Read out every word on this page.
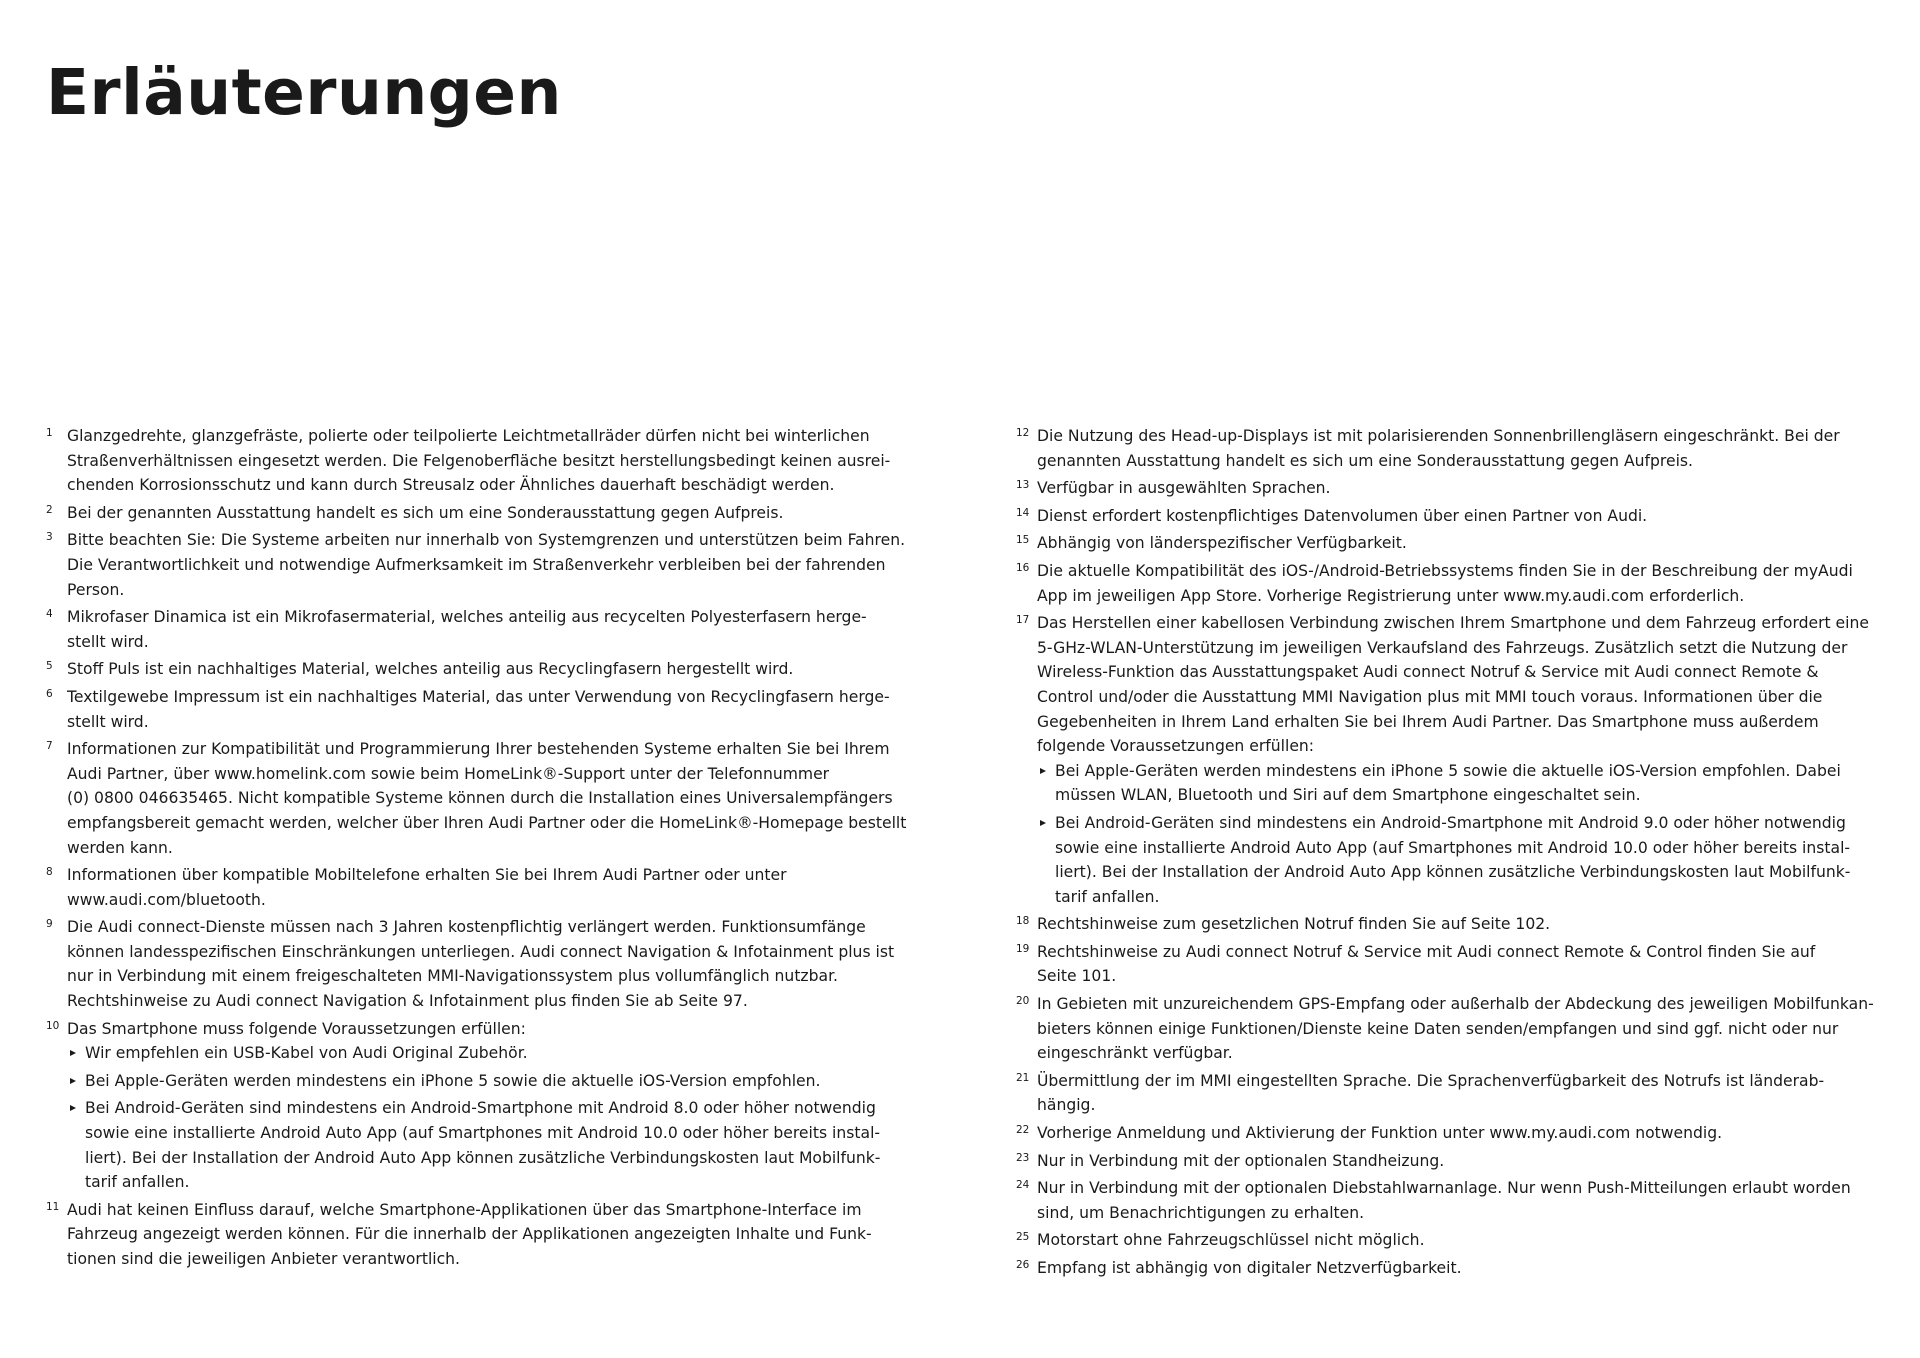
Erläuterungen
1 Glanzgedrehte, glanzgefräste, polierte oder teilpolierte Leichtmetallräder dürfen nicht bei winterlichen
Straßenverhältnissen eingesetzt werden. Die Felgenoberfläche besitzt herstellungsbedingt keinen ausrei-
chenden Korrosionsschutz und kann durch Streusalz oder Ähnliches dauerhaft beschädigt werden.
2 Bei der genannten Ausstattung handelt es sich um eine Sonderausstattung gegen Aufpreis.
3 Bitte beachten Sie: Die Systeme arbeiten nur innerhalb von Systemgrenzen und unterstützen beim Fahren.
Die Verantwortlichkeit und notwendige Aufmerksamkeit im Straßenverkehr verbleiben bei der fahrenden
Person.
4 Mikrofaser Dinamica ist ein Mikrofasermaterial, welches anteilig aus recycelten Polyesterfasern herge-
stellt wird.
5 Stoff Puls ist ein nachhaltiges Material, welches anteilig aus Recyclingfasern hergestellt wird.
6 Textilgewebe Impressum ist ein nachhaltiges Material, das unter Verwendung von Recyclingfasern herge-
stellt wird.
7 Informationen zur Kompatibilität und Programmierung Ihrer bestehenden Systeme erhalten Sie bei Ihrem
Audi Partner, über www.homelink.com sowie beim HomeLink®-Support unter der Telefonnummer
(0) 0800 046635465. Nicht kompatible Systeme können durch die Installation eines Universalempfängers
empfangsbereit gemacht werden, welcher über Ihren Audi Partner oder die HomeLink®-Homepage bestellt
werden kann.
8 Informationen über kompatible Mobiltelefone erhalten Sie bei Ihrem Audi Partner oder unter
www.audi.com/bluetooth.
9 Die Audi connect-Dienste müssen nach 3 Jahren kostenpflichtig verlängert werden. Funktionsumfänge
können landesspezifischen Einschränkungen unterliegen. Audi connect Navigation & Infotainment plus ist
nur in Verbindung mit einem freigeschalteten MMI-Navigationssystem plus vollumfänglich nutzbar.
Rechtshinweise zu Audi connect Navigation & Infotainment plus finden Sie ab Seite 97.
10 Das Smartphone muss folgende Voraussetzungen erfüllen:
Wir empfehlen ein USB-Kabel von Audi Original Zubehör.
Bei Apple-Geräten werden mindestens ein iPhone 5 sowie die aktuelle iOS-Version empfohlen.
Bei Android-Geräten sind mindestens ein Android-Smartphone mit Android 8.0 oder höher notwendig
sowie eine installierte Android Auto App (auf Smartphones mit Android 10.0 oder höher bereits instal-
liert). Bei der Installation der Android Auto App können zusätzliche Verbindungskosten laut Mobilfunk-
tarif anfallen.
11 Audi hat keinen Einfluss darauf, welche Smartphone-Applikationen über das Smartphone-Interface im
Fahrzeug angezeigt werden können. Für die innerhalb der Applikationen angezeigten Inhalte und Funk-
tionen sind die jeweiligen Anbieter verantwortlich.
12 Die Nutzung des Head-up-Displays ist mit polarisierenden Sonnenbrillengläsern eingeschränkt. Bei der
genannten Ausstattung handelt es sich um eine Sonderausstattung gegen Aufpreis.
13 Verfügbar in ausgewählten Sprachen.
14 Dienst erfordert kostenpflichtiges Datenvolumen über einen Partner von Audi.
15 Abhängig von länderspezifischer Verfügbarkeit.
16 Die aktuelle Kompatibilität des iOS-/Android-Betriebssystems finden Sie in der Beschreibung der myAudi
App im jeweiligen App Store. Vorherige Registrierung unter www.my.audi.com erforderlich.
17 Das Herstellen einer kabellosen Verbindung zwischen Ihrem Smartphone und dem Fahrzeug erfordert eine
5-GHz-WLAN-Unterstützung im jeweiligen Verkaufsland des Fahrzeugs. Zusätzlich setzt die Nutzung der
Wireless-Funktion das Ausstattungspaket Audi connect Notruf & Service mit Audi connect Remote &
Control und/oder die Ausstattung MMI Navigation plus mit MMI touch voraus. Informationen über die
Gegebenheiten in Ihrem Land erhalten Sie bei Ihrem Audi Partner. Das Smartphone muss außerdem
folgende Voraussetzungen erfüllen:
Bei Apple-Geräten werden mindestens ein iPhone 5 sowie die aktuelle iOS-Version empfohlen. Dabei
müssen WLAN, Bluetooth und Siri auf dem Smartphone eingeschaltet sein.
Bei Android-Geräten sind mindestens ein Android-Smartphone mit Android 9.0 oder höher notwendig
sowie eine installierte Android Auto App (auf Smartphones mit Android 10.0 oder höher bereits instal-
liert). Bei der Installation der Android Auto App können zusätzliche Verbindungskosten laut Mobilfunk-
tarif anfallen.
18 Rechtshinweise zum gesetzlichen Notruf finden Sie auf Seite 102.
19 Rechtshinweise zu Audi connect Notruf & Service mit Audi connect Remote & Control finden Sie auf
Seite 101.
20 In Gebieten mit unzureichendem GPS-Empfang oder außerhalb der Abdeckung des jeweiligen Mobilfunkan-
bieters können einige Funktionen/Dienste keine Daten senden/empfangen und sind ggf. nicht oder nur
eingeschränkt verfügbar.
21 Übermittlung der im MMI eingestellten Sprache. Die Sprachenverfügbarkeit des Notrufs ist länderab-
hängig.
22 Vorherige Anmeldung und Aktivierung der Funktion unter www.my.audi.com notwendig.
23 Nur in Verbindung mit der optionalen Standheizung.
24 Nur in Verbindung mit der optionalen Diebstahlwarnanlage. Nur wenn Push-Mitteilungen erlaubt worden
sind, um Benachrichtigungen zu erhalten.
25 Motorstart ohne Fahrzeugschlüssel nicht möglich.
26 Empfang ist abhängig von digitaler Netzverfügbarkeit.
